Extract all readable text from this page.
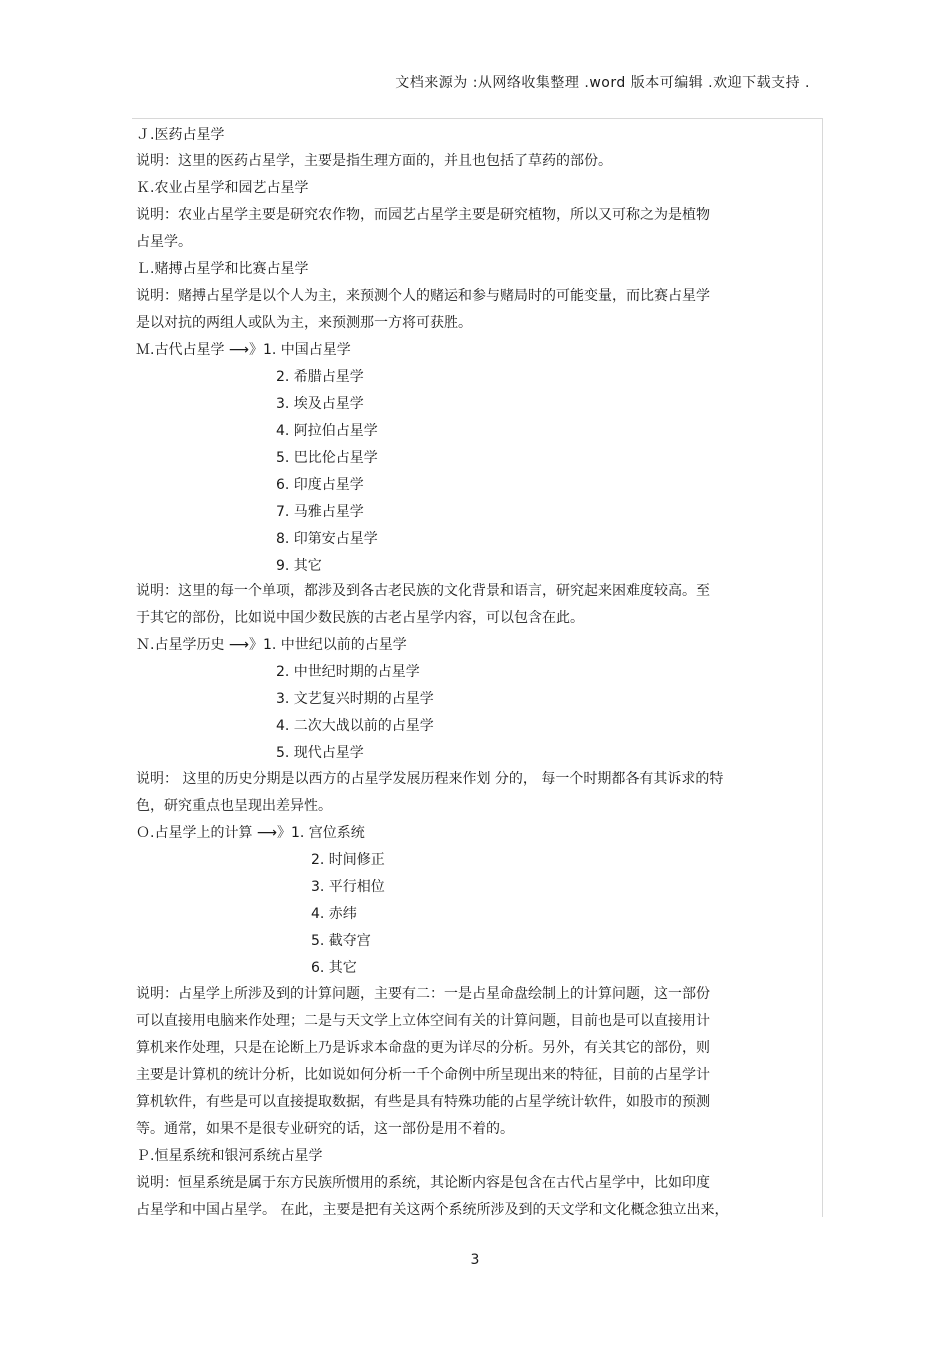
文档来源为 :从网络收集整理 .word 版本可编辑 .欢迎下载支持 .
Ｊ.医药占星学
说明：这里的医药占星学，主要是指生理方面的，并且也包括了草药的部份。
Ｋ.农业占星学和园艺占星学
说明：农业占星学主要是研究农作物，而园艺占星学主要是研究植物，所以又可称之为是植物
占星学。
Ｌ.赌搏占星学和比赛占星学
说明：赌搏占星学是以个人为主，来预测个人的赌运和参与赌局时的可能变量，而比赛占星学
是以对抗的两组人或队为主，来预测那一方将可获胜。
Ｍ.古代占星学 ⟶》1. 中国占星学
2. 希腊占星学
3. 埃及占星学
4. 阿拉伯占星学
5. 巴比伦占星学
6. 印度占星学
7. 马雅占星学
8. 印第安占星学
9. 其它
说明：这里的每一个单项，都涉及到各古老民族的文化背景和语言，研究起来困难度较高。至
于其它的部份，比如说中国少数民族的古老占星学内容，可以包含在此。
Ｎ.占星学历史 ⟶》1. 中世纪以前的占星学
2. 中世纪时期的占星学
3. 文艺复兴时期的占星学
4. 二次大战以前的占星学
5. 现代占星学
说明： 这里的历史分期是以西方的占星学发展历程来作划 分的， 每一个时期都各有其诉求的特
色，研究重点也呈现出差异性。
Ｏ.占星学上的计算 ⟶》1. 宫位系统
2. 时间修正
3. 平行相位
4. 赤纬
5. 截夺宫
6. 其它
说明：占星学上所涉及到的计算问题，主要有二：一是占星命盘绘制上的计算问题，这一部份
可以直接用电脑来作处理；二是与天文学上立体空间有关的计算问题，目前也是可以直接用计
算机来作处理，只是在论断上乃是诉求本命盘的更为详尽的分析。另外，有关其它的部份，则
主要是计算机的统计分析，比如说如何分析一千个命例中所呈现出来的特征，目前的占星学计
算机软件，有些是可以直接提取数据，有些是具有特殊功能的占星学统计软件，如股市的预测
等。通常，如果不是很专业研究的话，这一部份是用不着的。
Ｐ.恒星系统和银河系统占星学
说明：恒星系统是属于东方民族所惯用的系统，其论断内容是包含在古代占星学中，比如印度
占星学和中国占星学。 在此，主要是把有关这两个系统所涉及到的天文学和文化概念独立出来，
3
